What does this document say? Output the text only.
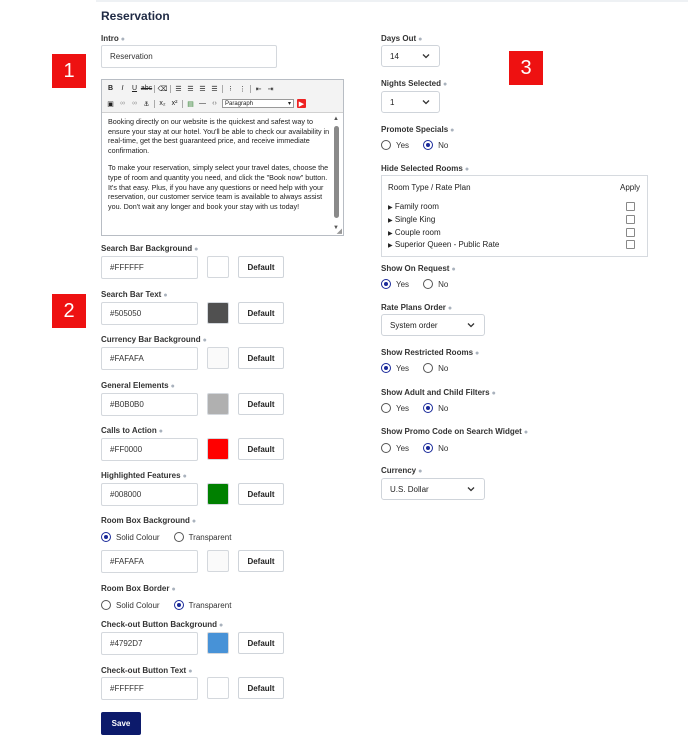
Reservation
1
2
3
Intro ●
Reservation
B	I	U abc ⌫ ☰ ☰ ☰ ☰	⁝	⋮ ⇤ ⇥
▣ ∞ ∞ ⚓ x₂ x² ▤ ― ‹›	Paragraph	▾ ▶

Booking directly on our website is the quickest and safest way to ensure your stay at our hotel. You'll be able to check our availability in real-time, get the best guaranteed price, and receive immediate confirmation.

To make your reservation, simply select your travel dates, choose the type of room and quantity you need, and click the "Book now" button. It's that easy. Plus, if you have any questions or need help with your reservation, our customer service team is available to always assist you. Don't wait any longer and book your stay with us today!

▲
▼
◢
Search Bar Background ●
#FFFFFF	Default
Search Bar Text ●
#505050	Default
Currency Bar Background ●
#FAFAFA	Default
General Elements ●
#B0B0B0	Default
Calls to Action ●
#FF0000	Default
Highlighted Features ●
#008000	Default
Room Box Background ●
Solid Colour	Transparent
#FAFAFA	Default
Room Box Border ●
Solid Colour	Transparent
Check-out Button Background ●
#4792D7	Default
Check-out Button Text ●
#FFFFFF	Default
Save
Days Out ●
14
Nights Selected ●
1
Promote Specials ●
Yes	No
Hide Selected Rooms ●
Room Type / Rate Plan	Apply
▶ Family room
▶ Single King
▶ Couple room
▶ Superior Queen - Public Rate
Show On Request ●
Yes	No
Rate Plans Order ●
System order
Show Restricted Rooms ●
Yes	No
Show Adult and Child Filters ●
Yes	No
Show Promo Code on Search Widget ●
Yes	No
Currency ●
U.S. Dollar
